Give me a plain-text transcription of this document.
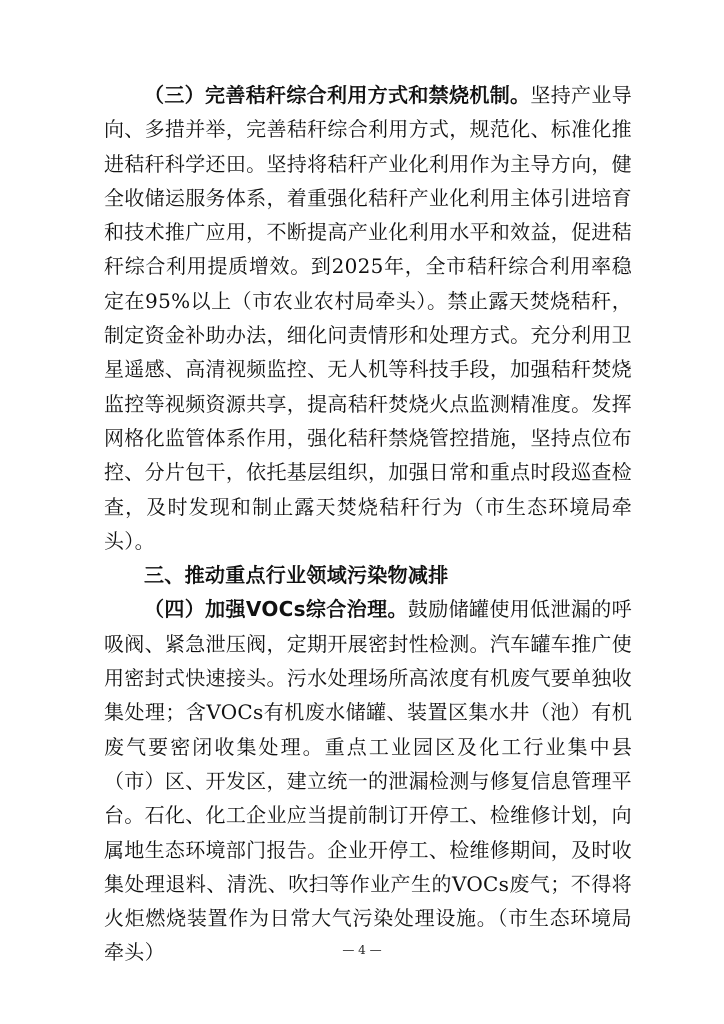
（三）完善秸秆综合利用方式和禁烧机制。坚持产业导向、多措并举，完善秸秆综合利用方式，规范化、标准化推进秸秆科学还田。坚持将秸秆产业化利用作为主导方向，健全收储运服务体系，着重强化秸秆产业化利用主体引进培育和技术推广应用，不断提高产业化利用水平和效益，促进秸秆综合利用提质增效。到2025年，全市秸秆综合利用率稳定在95%以上（市农业农村局牵头）。禁止露天焚烧秸秆，制定资金补助办法，细化问责情形和处理方式。充分利用卫星遥感、高清视频监控、无人机等科技手段，加强秸秆焚烧监控等视频资源共享，提高秸秆焚烧火点监测精准度。发挥网格化监管体系作用，强化秸秆禁烧管控措施，坚持点位布控、分片包干，依托基层组织，加强日常和重点时段巡查检查，及时发现和制止露天焚烧秸秆行为（市生态环境局牵头）。

三、推动重点行业领域污染物减排

（四）加强VOCs综合治理。鼓励储罐使用低泄漏的呼吸阀、紧急泄压阀，定期开展密封性检测。汽车罐车推广使用密封式快速接头。污水处理场所高浓度有机废气要单独收集处理；含VOCs有机废水储罐、装置区集水井（池）有机废气要密闭收集处理。重点工业园区及化工行业集中县（市）区、开发区，建立统一的泄漏检测与修复信息管理平台。石化、化工企业应当提前制订开停工、检维修计划，向属地生态环境部门报告。企业开停工、检维修期间，及时收集处理退料、清洗、吹扫等作业产生的VOCs废气；不得将火炬燃烧装置作为日常大气污染处理设施。（市生态环境局牵头）	— 4 —
